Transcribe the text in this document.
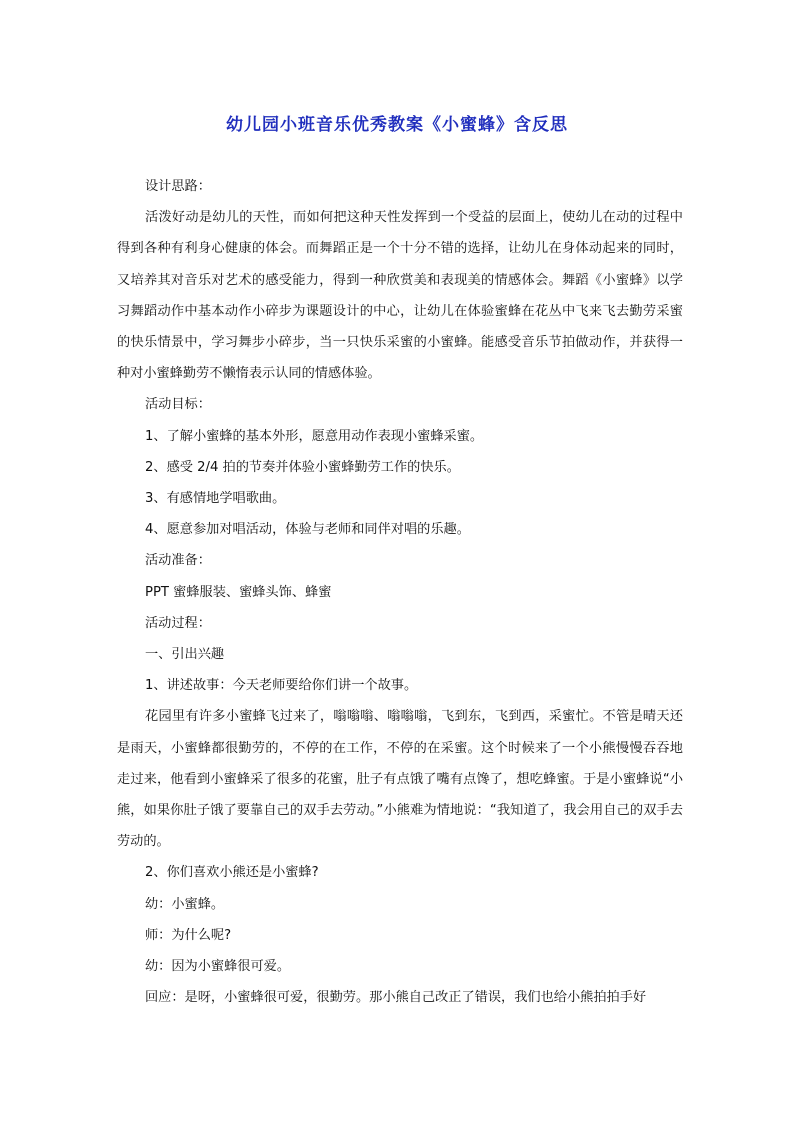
幼儿园小班音乐优秀教案《小蜜蜂》含反思

设计思路：

活泼好动是幼儿的天性，而如何把这种天性发挥到一个受益的层面上，使幼儿在动的过程中得到各种有利身心健康的体会。而舞蹈正是一个十分不错的选择，让幼儿在身体动起来的同时，又培养其对音乐对艺术的感受能力，得到一种欣赏美和表现美的情感体会。舞蹈《小蜜蜂》以学习舞蹈动作中基本动作小碎步为课题设计的中心，让幼儿在体验蜜蜂在花丛中飞来飞去勤劳采蜜的快乐情景中，学习舞步小碎步，当一只快乐采蜜的小蜜蜂。能感受音乐节拍做动作，并获得一种对小蜜蜂勤劳不懒惰表示认同的情感体验。

活动目标：

1、了解小蜜蜂的基本外形，愿意用动作表现小蜜蜂采蜜。

2、感受 2/4 拍的节奏并体验小蜜蜂勤劳工作的快乐。

3、有感情地学唱歌曲。

4、愿意参加对唱活动，体验与老师和同伴对唱的乐趣。

活动准备：

PPT 蜜蜂服装、蜜蜂头饰、蜂蜜

活动过程：

一、引出兴趣

1、讲述故事：今天老师要给你们讲一个故事。

花园里有许多小蜜蜂飞过来了，嗡嗡嗡、嗡嗡嗡，飞到东，飞到西，采蜜忙。不管是晴天还是雨天，小蜜蜂都很勤劳的，不停的在工作，不停的在采蜜。这个时候来了一个小熊慢慢吞吞地走过来，他看到小蜜蜂采了很多的花蜜，肚子有点饿了嘴有点馋了，想吃蜂蜜。于是小蜜蜂说“小熊，如果你肚子饿了要靠自己的双手去劳动。”小熊难为情地说：“我知道了，我会用自己的双手去劳动的。

2、你们喜欢小熊还是小蜜蜂?

幼：小蜜蜂。

师：为什么呢?

幼：因为小蜜蜂很可爱。

回应：是呀，小蜜蜂很可爱，很勤劳。那小熊自己改正了错误，我们也给小熊拍拍手好
